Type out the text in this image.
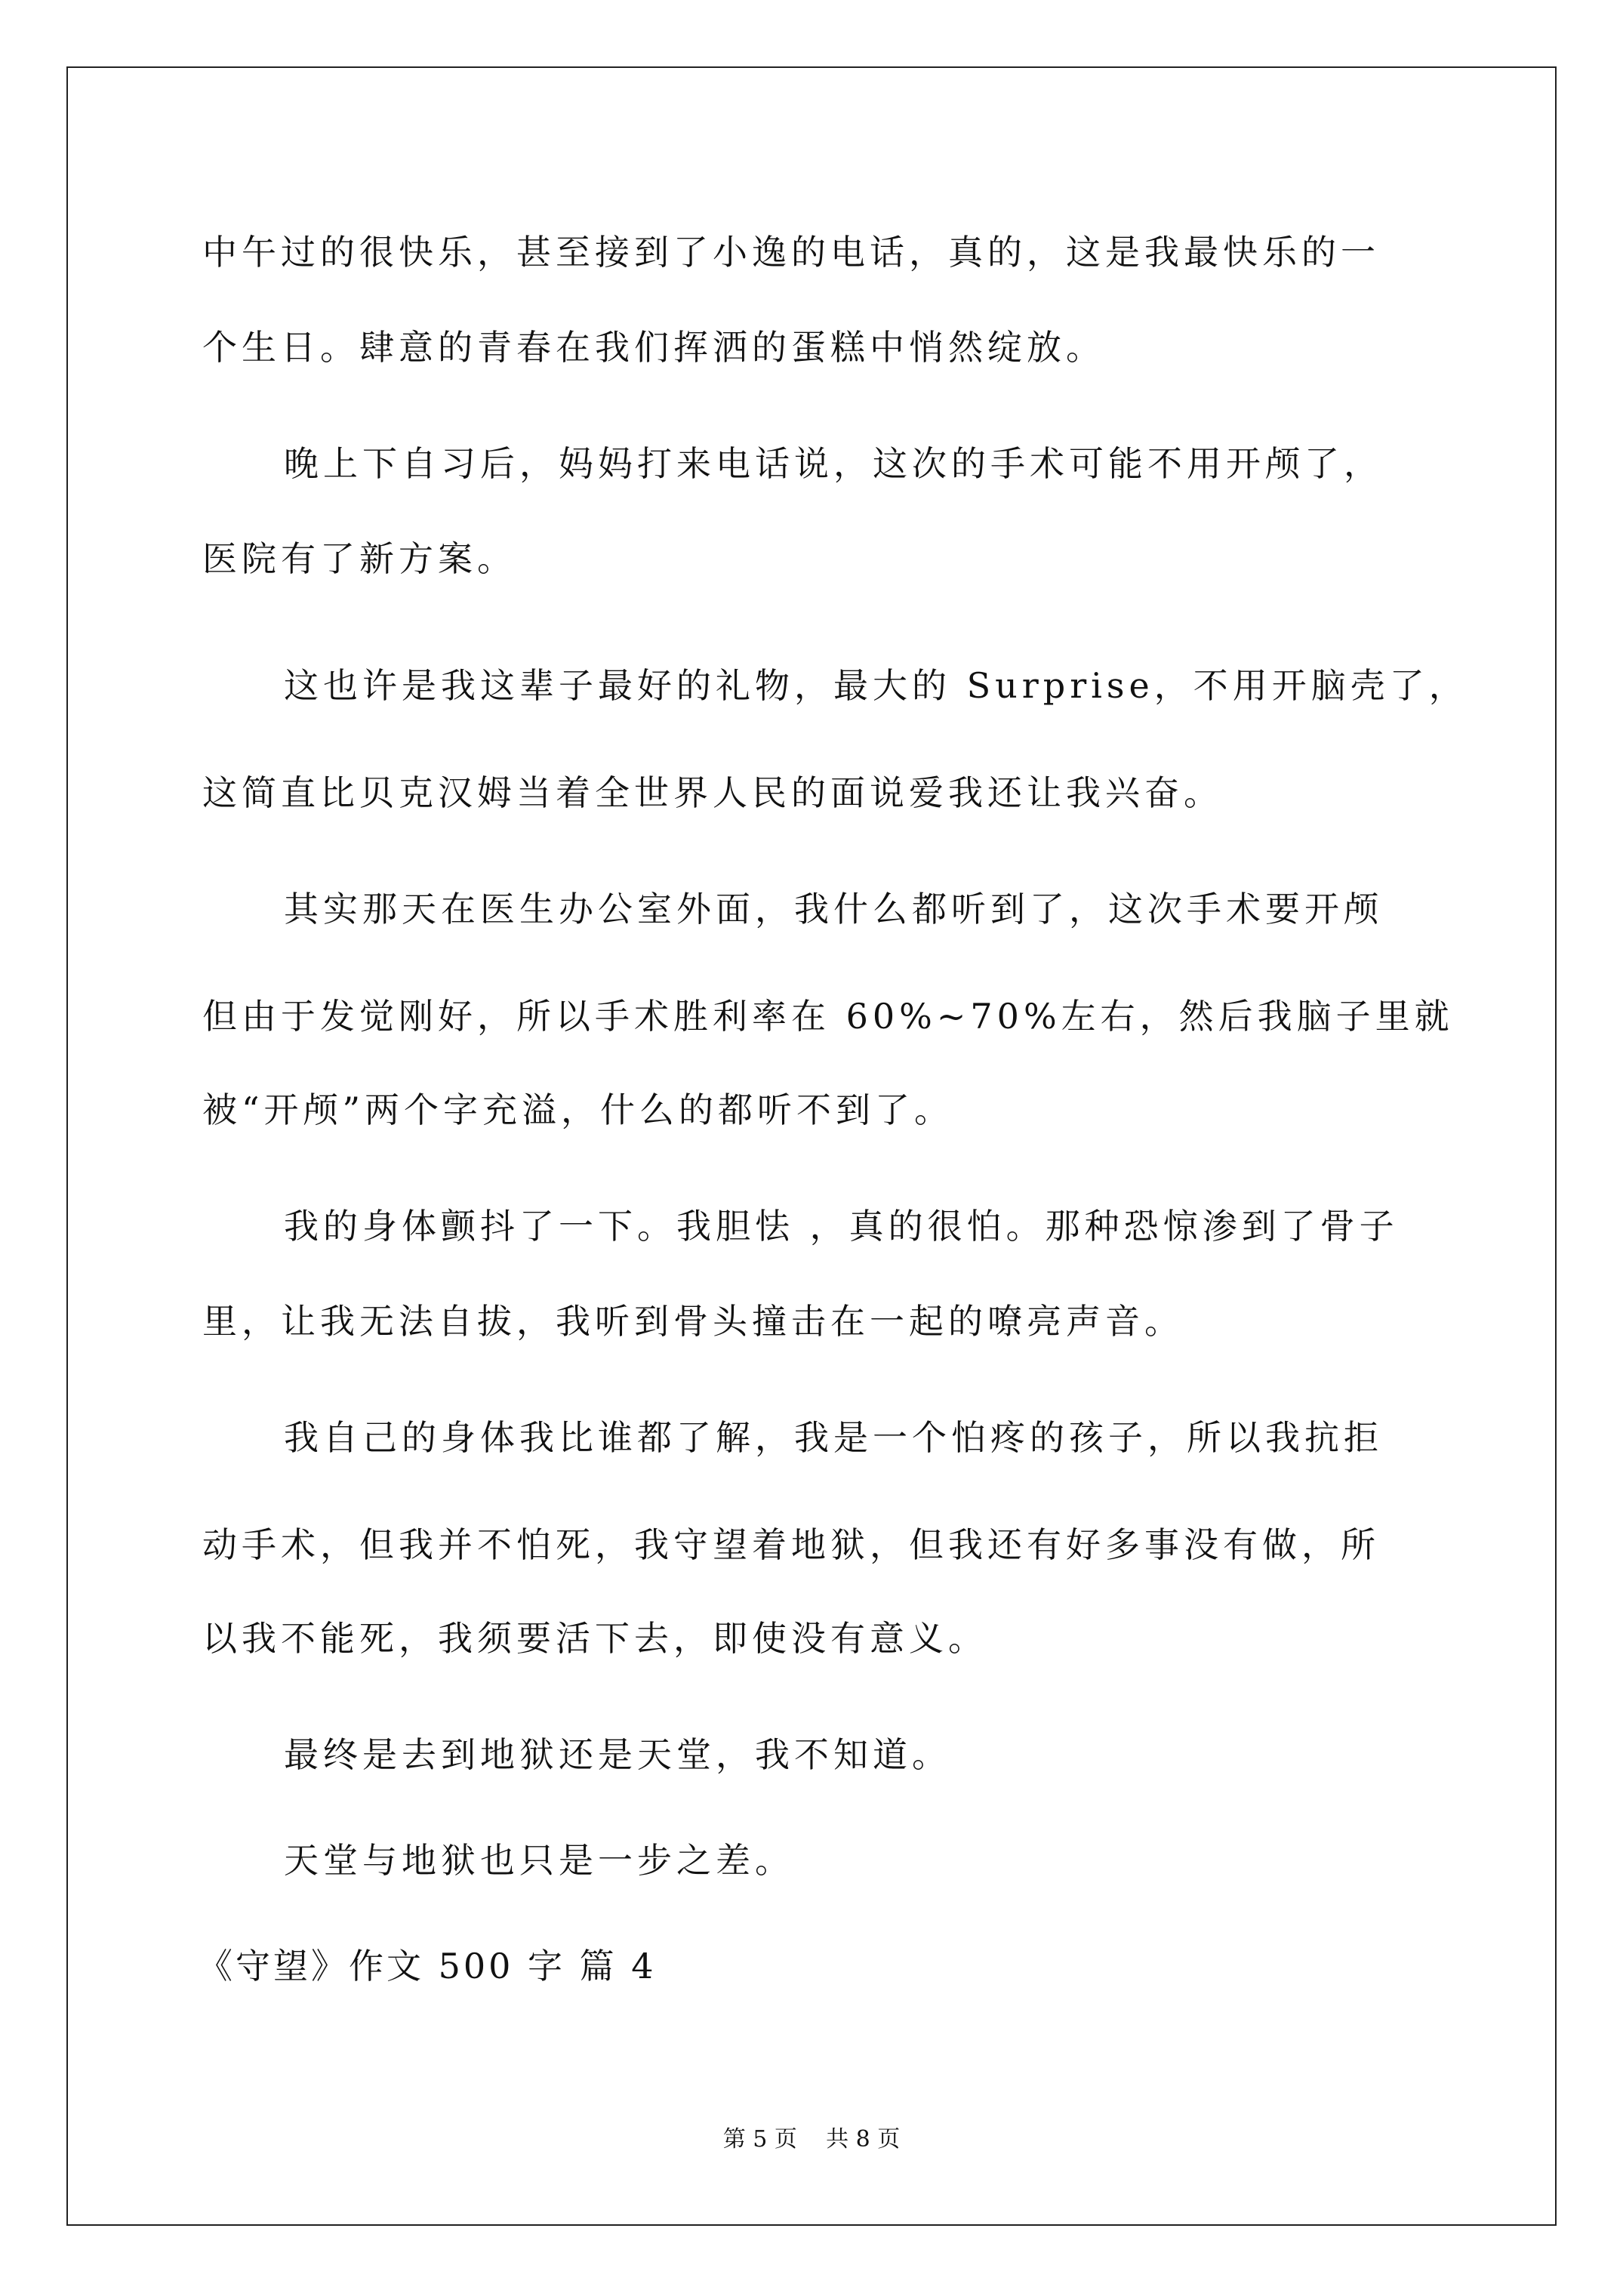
中午过的很快乐，甚至接到了小逸的电话，真的，这是我最快乐的一
个生日。肆意的青春在我们挥洒的蛋糕中悄然绽放。
晚上下自习后，妈妈打来电话说，这次的手术可能不用开颅了，
医院有了新方案。
这也许是我这辈子最好的礼物，最大的 Surprise，不用开脑壳了，
这简直比贝克汉姆当着全世界人民的面说爱我还让我兴奋。
其实那天在医生办公室外面，我什么都听到了，这次手术要开颅
但由于发觉刚好，所以手术胜利率在 60%~70%左右，然后我脑子里就
被“开颅”两个字充溢，什么的都听不到了。
我的身体颤抖了一下。我胆怯 ，真的很怕。那种恐惊渗到了骨子
里，让我无法自拔，我听到骨头撞击在一起的嘹亮声音。
我自己的身体我比谁都了解，我是一个怕疼的孩子，所以我抗拒
动手术，但我并不怕死，我守望着地狱，但我还有好多事没有做，所
以我不能死，我须要活下去，即使没有意义。
最终是去到地狱还是天堂，我不知道。
天堂与地狱也只是一步之差。
《守望》作文 500 字 篇 4
第 5 页    共 8 页
